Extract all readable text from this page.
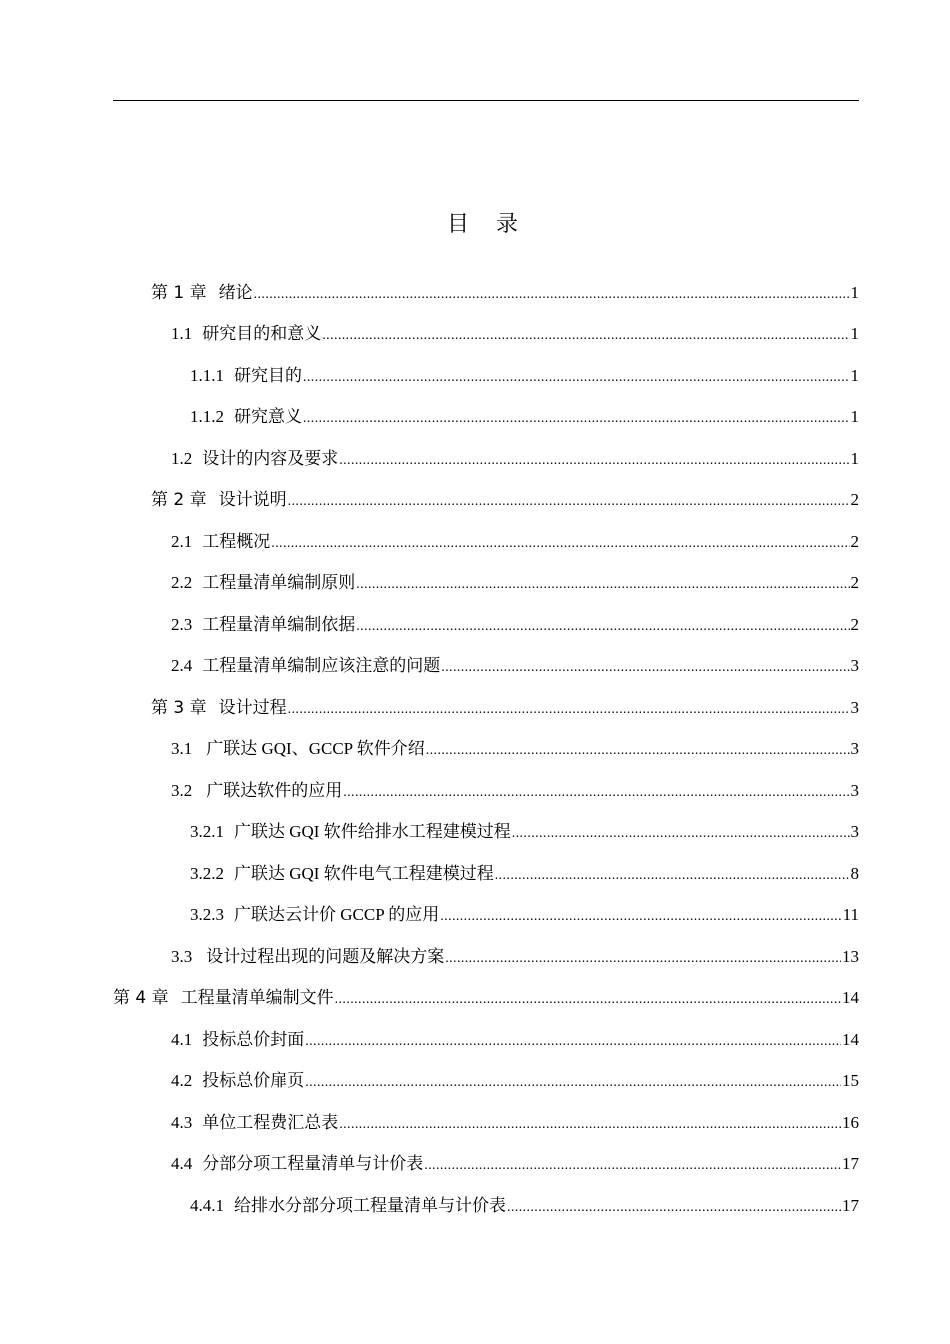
目 录
第 1 章 绪论 .....	1
1.1 研究目的和意义 .....	1
1.1.1 研究目的 .....	1
1.1.2 研究意义 .....	1
1.2 设计的内容及要求 .....	1
第 2 章 设计说明 .....	2
2.1 工程概况 .....	2
2.2 工程量清单编制原则 .....	2
2.3 工程量清单编制依据 .....	2
2.4 工程量清单编制应该注意的问题 .....	3
第 3 章 设计过程 .....	3
3.1 广联达 GQI、GCCP 软件介绍 .....	3
3.2 广联达软件的应用 .....	3
3.2.1 广联达 GQI 软件给排水工程建模过程 .....	3
3.2.2 广联达 GQI 软件电气工程建模过程 .....	8
3.2.3 广联达云计价 GCCP 的应用 .....	11
3.3 设计过程出现的问题及解决方案 .....	13
第 4 章 工程量清单编制文件 .....	14
4.1 投标总价封面 .....	14
4.2 投标总价扉页 .....	15
4.3 单位工程费汇总表 .....	16
4.4 分部分项工程量清单与计价表 .....	17
4.4.1 给排水分部分项工程量清单与计价表 .....	17
